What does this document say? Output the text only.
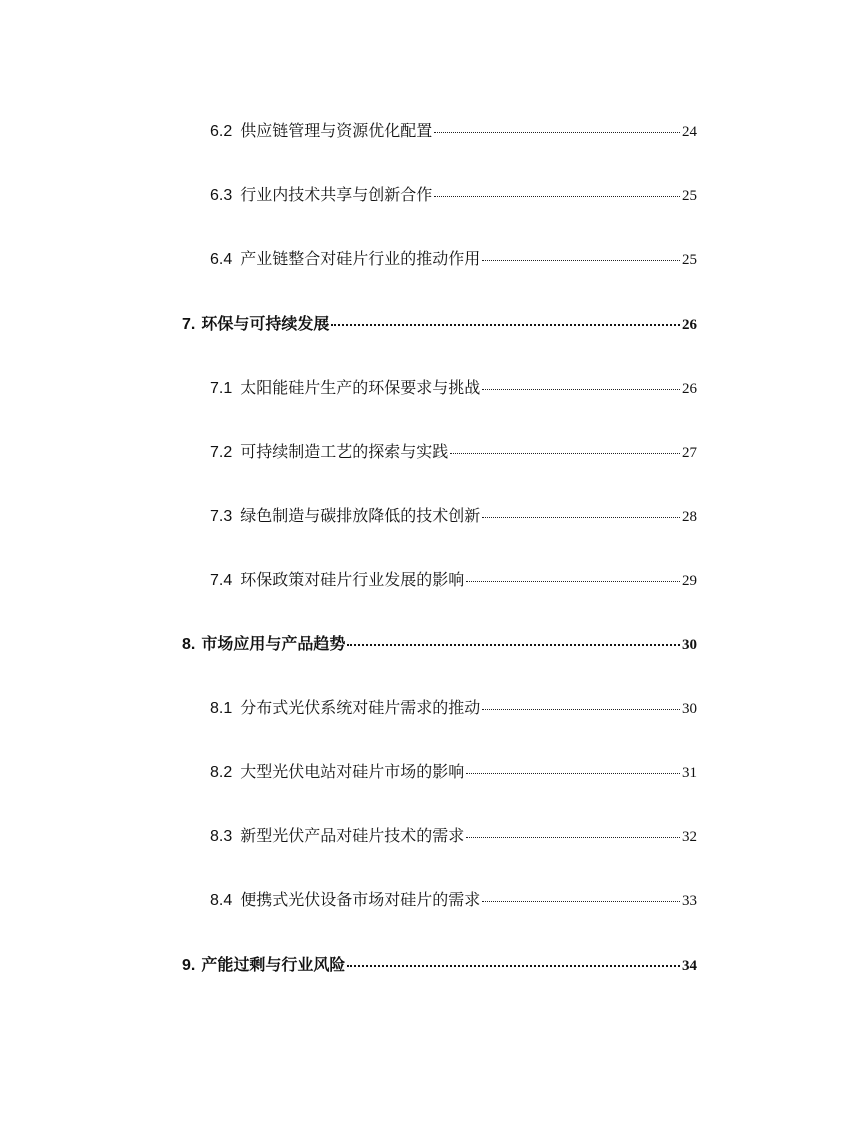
6.2 供应链管理与资源优化配置	24
6.3 行业内技术共享与创新合作	25
6.4 产业链整合对硅片行业的推动作用	25
7. 环保与可持续发展	26
7.1 太阳能硅片生产的环保要求与挑战	26
7.2 可持续制造工艺的探索与实践	27
7.3 绿色制造与碳排放降低的技术创新	28
7.4 环保政策对硅片行业发展的影响	29
8. 市场应用与产品趋势	30
8.1 分布式光伏系统对硅片需求的推动	30
8.2 大型光伏电站对硅片市场的影响	31
8.3 新型光伏产品对硅片技术的需求	32
8.4 便携式光伏设备市场对硅片的需求	33
9. 产能过剩与行业风险	34
